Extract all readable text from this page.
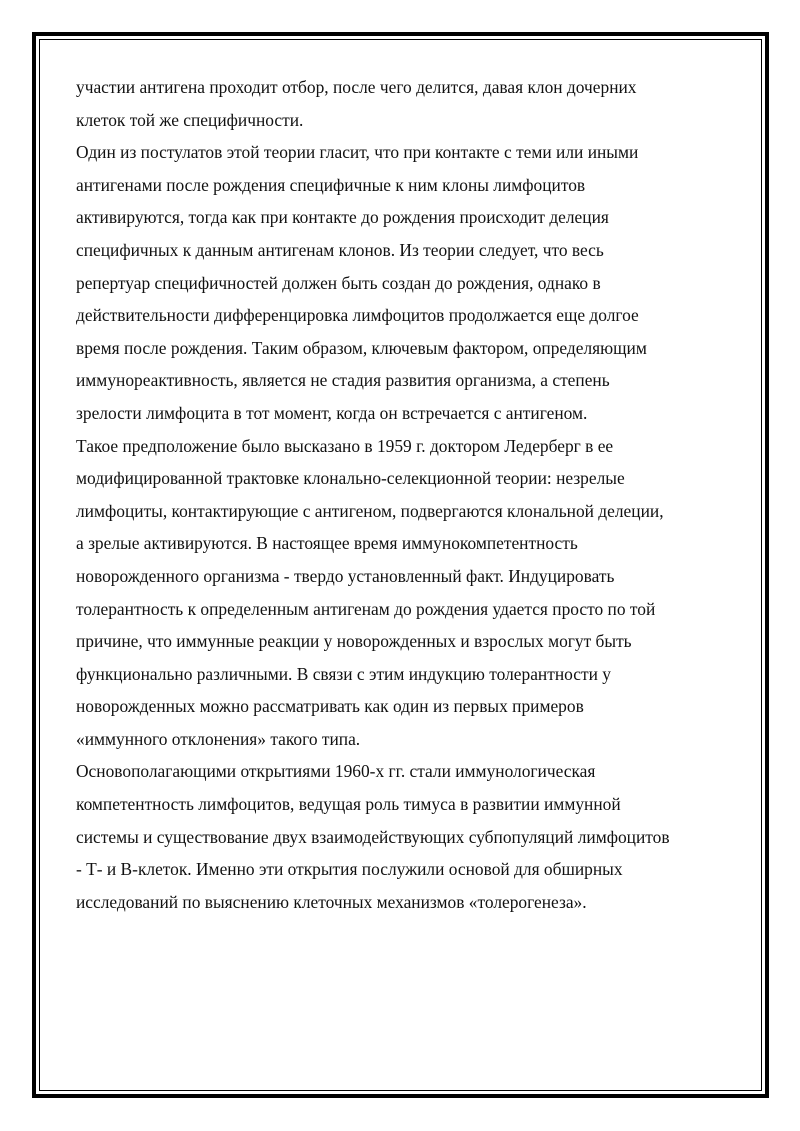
участии антигена проходит отбор, после чего делится, давая клон дочерних
клеток той же специфичности.
Один из постулатов этой теории гласит, что при контакте с теми или иными
антигенами после рождения специфичные к ним клоны лимфоцитов
активируются, тогда как при контакте до рождения происходит делеция
специфичных к данным антигенам клонов. Из теории следует, что весь
репертуар специфичностей должен быть создан до рождения, однако в
действительности дифференцировка лимфоцитов продолжается еще долгое
время после рождения. Таким образом, ключевым фактором, определяющим
иммунореактивность, является не стадия развития организма, а степень
зрелости лимфоцита в тот момент, когда он встречается с антигеном.
Такое предположение было высказано в 1959 г. доктором Ледерберг в ее
модифицированной трактовке клонально-селекционной теории: незрелые
лимфоциты, контактирующие с антигеном, подвергаются клональной делеции,
а зрелые активируются. В настоящее время иммунокомпетентность
новорожденного организма - твердо установленный факт. Индуцировать
толерантность к определенным антигенам до рождения удается просто по той
причине, что иммунные реакции у новорожденных и взрослых могут быть
функционально различными. В связи с этим индукцию толерантности у
новорожденных можно рассматривать как один из первых примеров
«иммунного отклонения» такого типа.
Основополагающими открытиями 1960-х гг. стали иммунологическая
компетентность лимфоцитов, ведущая роль тимуса в развитии иммунной
системы и существование двух взаимодействующих субпопуляций лимфоцитов
- Т- и В-клеток. Именно эти открытия послужили основой для обширных
исследований по выяснению клеточных механизмов «толерогенеза».
